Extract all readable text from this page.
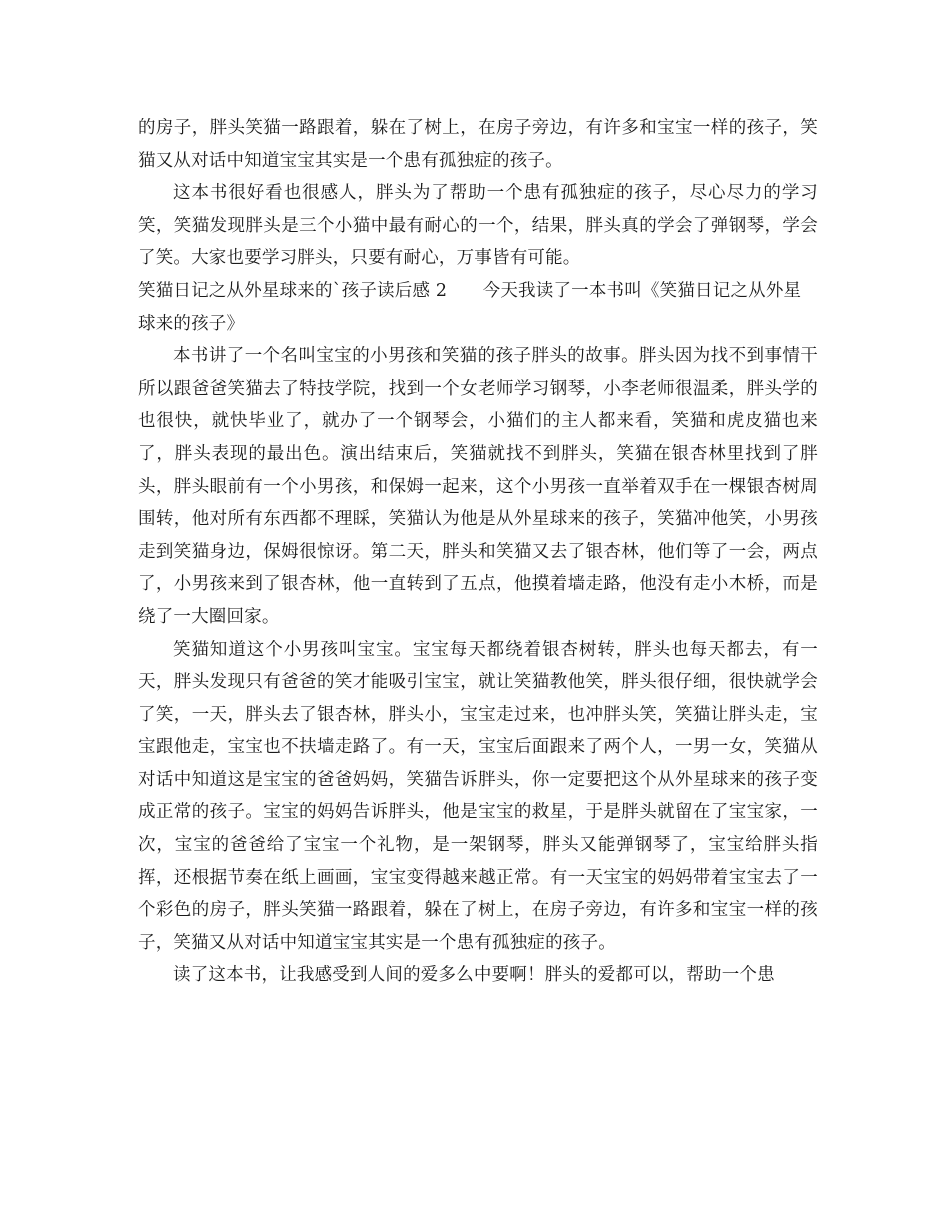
的房子，胖头笑猫一路跟着，躲在了树上，在房子旁边，有许多和宝宝一样的孩子，笑猫又从对话中知道宝宝其实是一个患有孤独症的孩子。

这本书很好看也很感人，胖头为了帮助一个患有孤独症的孩子，尽心尽力的学习笑，笑猫发现胖头是三个小猫中最有耐心的一个，结果，胖头真的学会了弹钢琴，学会了笑。大家也要学习胖头，只要有耐心，万事皆有可能。

笑猫日记之从外星球来的`孩子读后感 2　　今天我读了一本书叫《笑猫日记之从外星球来的孩子》

本书讲了一个名叫宝宝的小男孩和笑猫的孩子胖头的故事。胖头因为找不到事情干所以跟爸爸笑猫去了特技学院，找到一个女老师学习钢琴，小李老师很温柔，胖头学的也很快，就快毕业了，就办了一个钢琴会，小猫们的主人都来看，笑猫和虎皮猫也来了，胖头表现的最出色。演出结束后，笑猫就找不到胖头，笑猫在银杏林里找到了胖头，胖头眼前有一个小男孩，和保姆一起来，这个小男孩一直举着双手在一棵银杏树周围转，他对所有东西都不理睬，笑猫认为他是从外星球来的孩子，笑猫冲他笑，小男孩走到笑猫身边，保姆很惊讶。第二天，胖头和笑猫又去了银杏林，他们等了一会，两点了，小男孩来到了银杏林，他一直转到了五点，他摸着墙走路，他没有走小木桥，而是绕了一大圈回家。

笑猫知道这个小男孩叫宝宝。宝宝每天都绕着银杏树转，胖头也每天都去，有一天，胖头发现只有爸爸的笑才能吸引宝宝，就让笑猫教他笑，胖头很仔细，很快就学会了笑，一天，胖头去了银杏林，胖头小，宝宝走过来，也冲胖头笑，笑猫让胖头走，宝宝跟他走，宝宝也不扶墙走路了。有一天，宝宝后面跟来了两个人，一男一女，笑猫从对话中知道这是宝宝的爸爸妈妈，笑猫告诉胖头，你一定要把这个从外星球来的孩子变成正常的孩子。宝宝的妈妈告诉胖头，他是宝宝的救星，于是胖头就留在了宝宝家，一次，宝宝的爸爸给了宝宝一个礼物，是一架钢琴，胖头又能弹钢琴了，宝宝给胖头指挥，还根据节奏在纸上画画，宝宝变得越来越正常。有一天宝宝的妈妈带着宝宝去了一个彩色的房子，胖头笑猫一路跟着，躲在了树上，在房子旁边，有许多和宝宝一样的孩子，笑猫又从对话中知道宝宝其实是一个患有孤独症的孩子。

读了这本书，让我感受到人间的爱多么中要啊！胖头的爱都可以，帮助一个患
